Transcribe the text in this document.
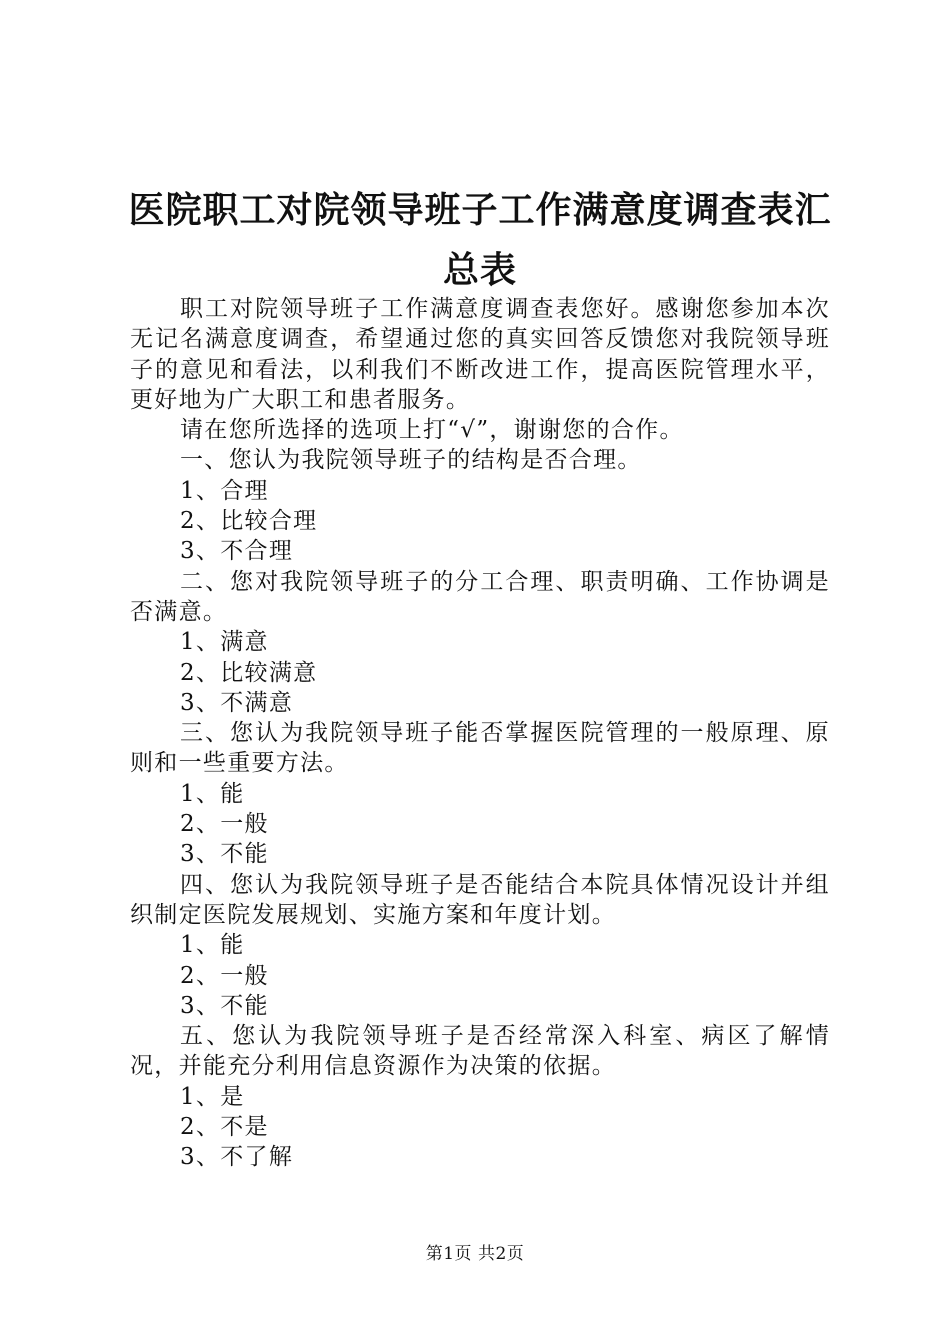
医院职工对院领导班子工作满意度调查表汇总表

职工对院领导班子工作满意度调查表您好。感谢您参加本次无记名满意度调查，希望通过您的真实回答反馈您对我院领导班子的意见和看法，以利我们不断改进工作，提高医院管理水平，更好地为广大职工和患者服务。

请在您所选择的选项上打“√”，谢谢您的合作。

一、您认为我院领导班子的结构是否合理。

1、合理

2、比较合理

3、不合理

二、您对我院领导班子的分工合理、职责明确、工作协调是否满意。

1、满意

2、比较满意

3、不满意

三、您认为我院领导班子能否掌握医院管理的一般原理、原则和一些重要方法。

1、能

2、一般

3、不能

四、您认为我院领导班子是否能结合本院具体情况设计并组织制定医院发展规划、实施方案和年度计划。

1、能

2、一般

3、不能

五、您认为我院领导班子是否经常深入科室、病区了解情况，并能充分利用信息资源作为决策的依据。

1、是

2、不是

3、不了解

第1页 共2页
